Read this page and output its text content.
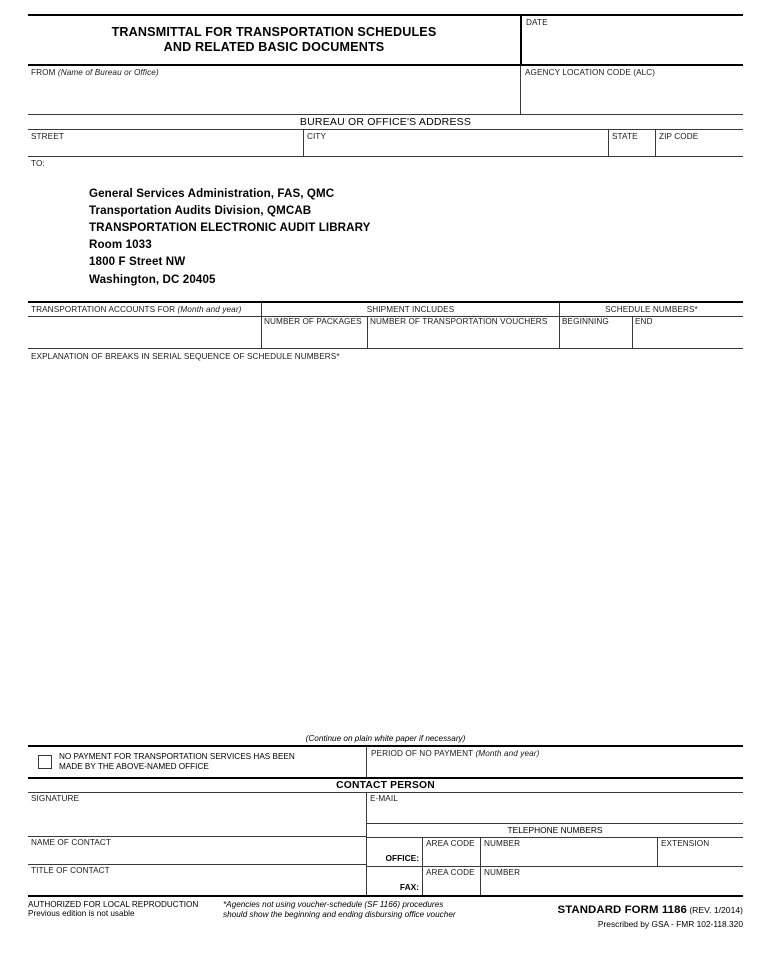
TRANSMITTAL FOR TRANSPORTATION SCHEDULES
AND RELATED BASIC DOCUMENTS
DATE
FROM (Name of Bureau or Office)	AGENCY LOCATION CODE (ALC)
BUREAU OR OFFICE'S ADDRESS
STREET	CITY	STATE	ZIP CODE
TO:
General Services Administration, FAS, QMC
Transportation Audits Division, QMCAB
TRANSPORTATION ELECTRONIC AUDIT LIBRARY
Room 1033
1800 F Street NW
Washington, DC 20405
TRANSPORTATION ACCOUNTS FOR (Month and year)	SHIPMENT INCLUDES	SCHEDULE NUMBERS*
NUMBER OF PACKAGES	NUMBER OF TRANSPORTATION VOUCHERS	BEGINNING	END
EXPLANATION OF BREAKS IN SERIAL SEQUENCE OF SCHEDULE NUMBERS*
(Continue on plain white paper if necessary)
NO PAYMENT FOR TRANSPORTATION SERVICES HAS BEEN
MADE BY THE ABOVE-NAMED OFFICE
PERIOD OF NO PAYMENT (Month and year)
CONTACT PERSON
SIGNATURE
NAME OF CONTACT
TITLE OF CONTACT
E-MAIL
TELEPHONE NUMBERS
OFFICE:
AREA CODE	NUMBER	EXTENSION
FAX:
AREA CODE	NUMBER
AUTHORIZED FOR LOCAL REPRODUCTION
Previous edition is not usable
*Agencies not using voucher-schedule (SF 1166) procedures
should show the beginning and ending disbursing office voucher	STANDARD FORM 1186 (REV. 1/2014)
Prescribed by GSA - FMR 102-118.320
